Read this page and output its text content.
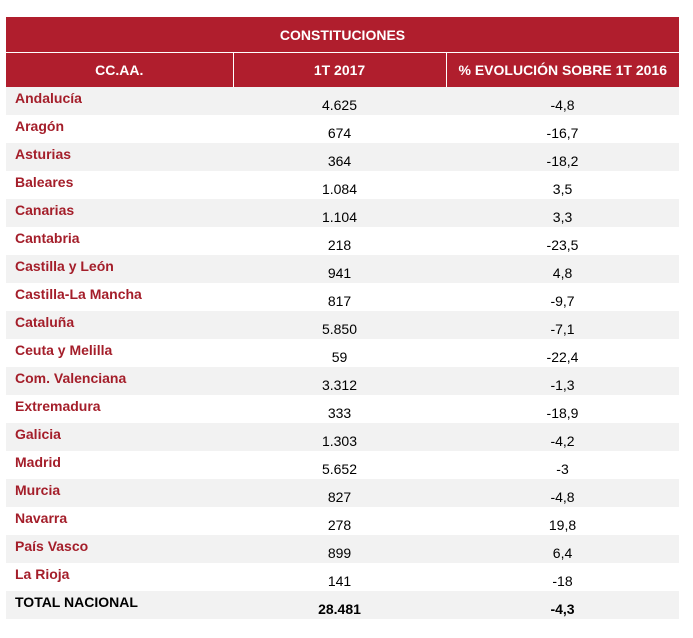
CONSTITUCIONES		
CC.AA.	1T 2017	% EVOLUCIÓN SOBRE 1T 2016
Andalucía	4.625	-4,8
Aragón	674	-16,7
Asturias	364	-18,2
Baleares	1.084	3,5
Canarias	1.104	3,3
Cantabria	218	-23,5
Castilla y León	941	4,8
Castilla-La Mancha	817	-9,7
Cataluña	5.850	-7,1
Ceuta y Melilla	59	-22,4
Com. Valenciana	3.312	-1,3
Extremadura	333	-18,9
Galicia	1.303	-4,2
Madrid	5.652	-3
Murcia	827	-4,8
Navarra	278	19,8
País Vasco	899	6,4
La Rioja	141	-18
TOTAL NACIONAL	28.481	-4,3
